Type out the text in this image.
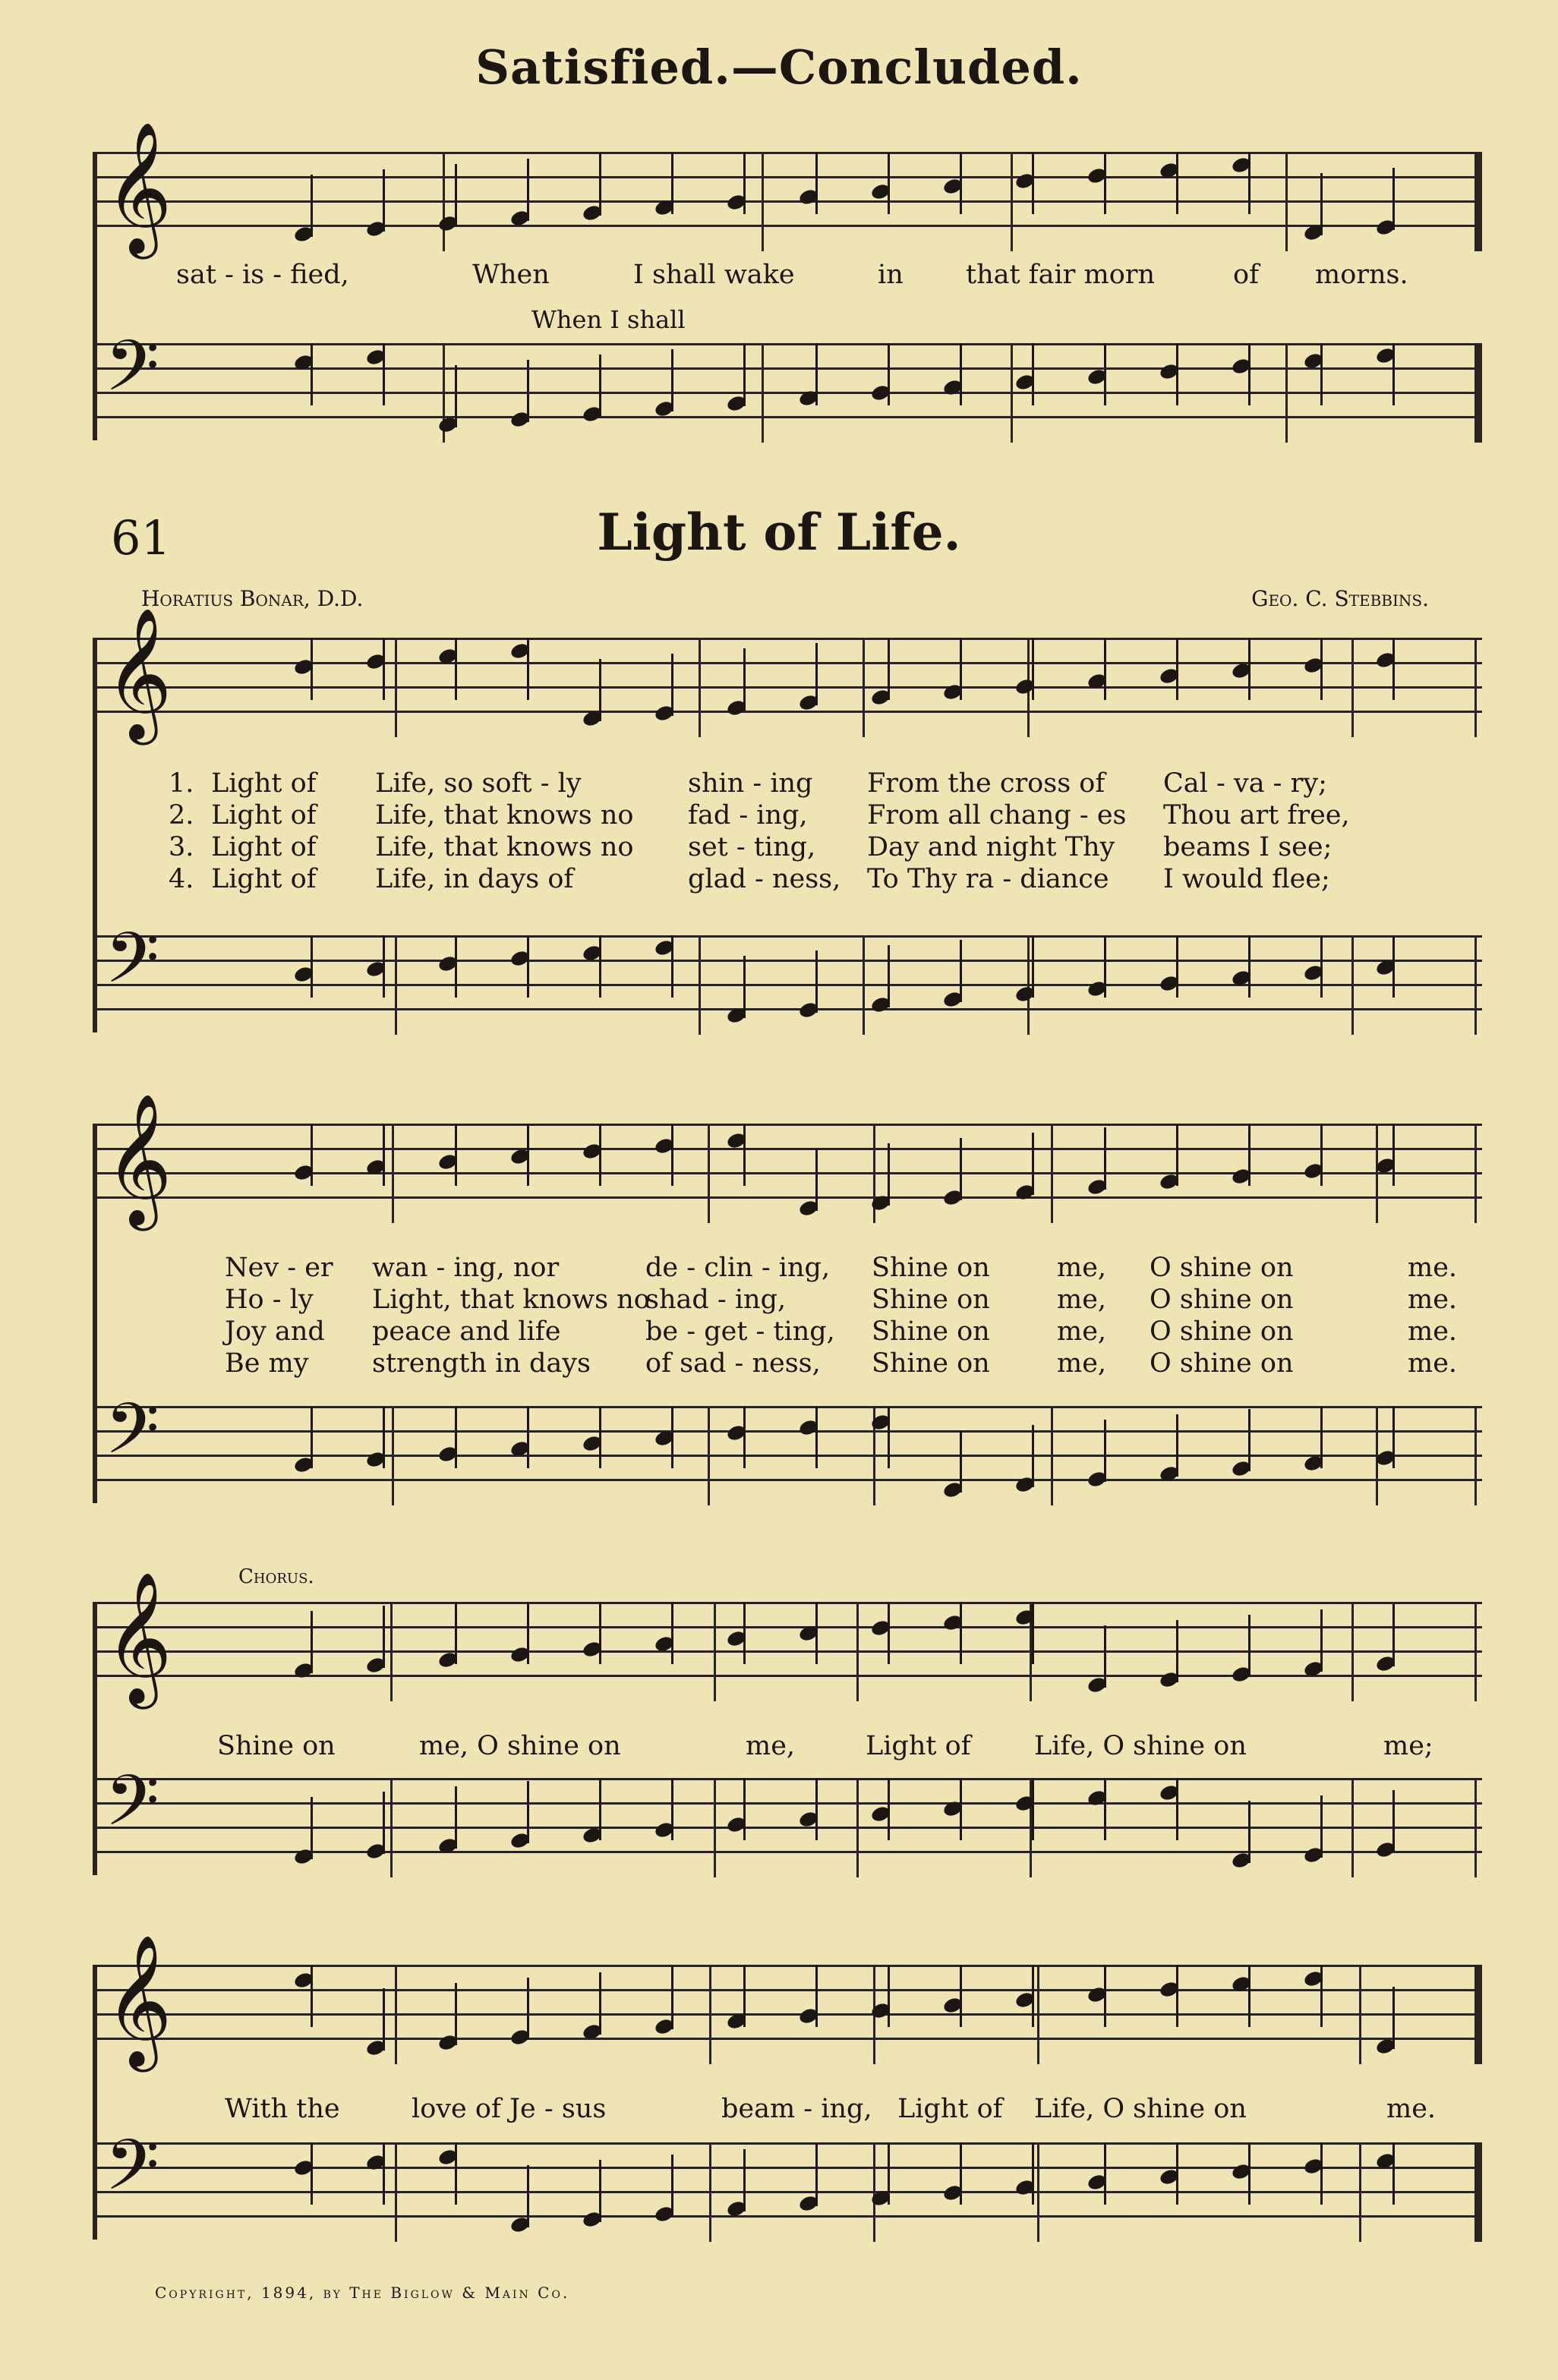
Satisfied.—Concluded.
𝄞
sat - is - fied,	When	I shall wake	in that fair morn	of morns.
When I shall
𝄢
61	Light of Life.
Horatius Bonar, D.D.	Geo. C. Stebbins.
𝄞
1. Light of Life, so soft - ly	shin - ing From the cross of Cal - va - ry;
2. Light of Life, that knows no fad - ing, From all chang - es Thou art free,
3. Light of Life, that knows no set - ting, Day and night Thy beams I see;
4. Light of Life, in days of	glad - ness, To Thy ra - diance I would flee;
𝄢
𝄞
Nev - er wan - ing, nor	de - clin - ing, Shine on	me, O shine on	me.
Ho - ly Light, that knows no
shad - ing,	Shine on	me, O shine on	me.
Joy and peace and life	be - get - ting, Shine on	me, O shine on	me.
Be my strength in days of sad - ness, Shine on	me, O shine on	me.
𝄢
Chorus.
𝄞
Shine on	me, O shine on	me,	Light of Life, O shine on	me;
𝄢
𝄞
With the	love of Je - sus	beam - ing, Light of Life, O shine on	me.
𝄢
Copyright, 1894, by The Biglow & Main Co.
